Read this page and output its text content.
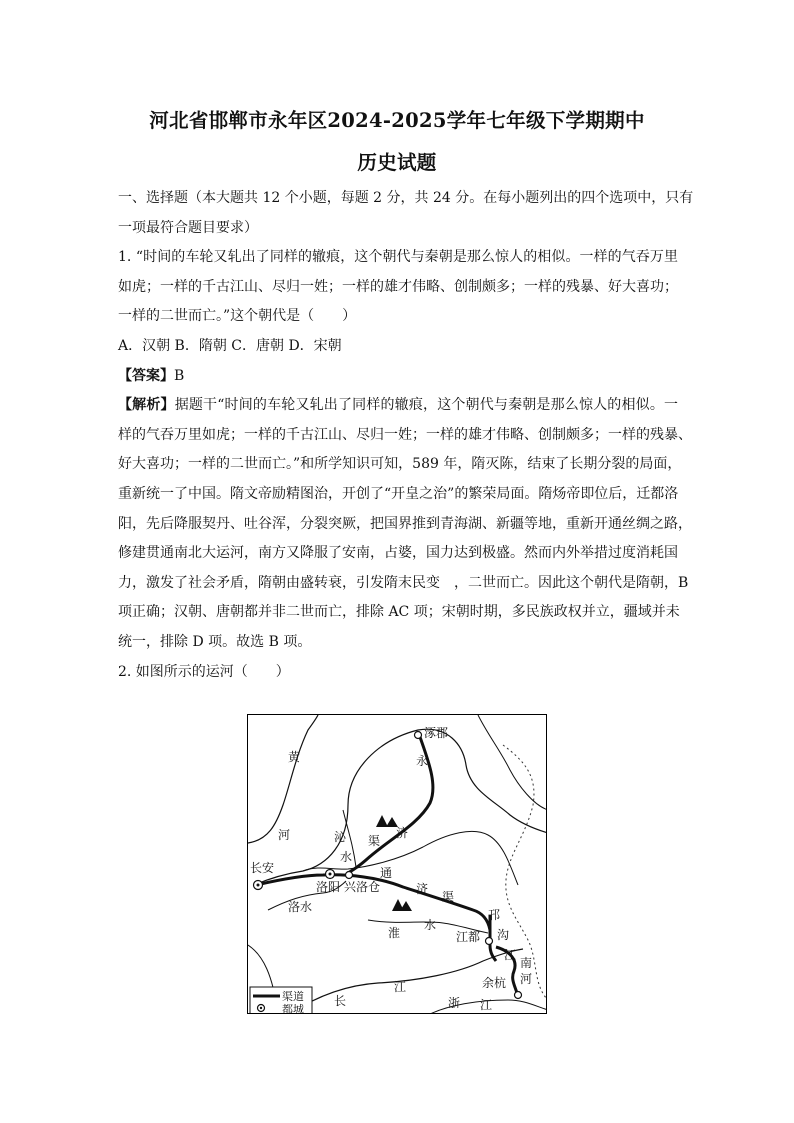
河北省邯郸市永年区2024-2025学年七年级下学期期中
历史试题
一、选择题（本大题共 12 个小题，每题 2 分，共 24 分。在每小题列出的四个选项中，只有
一项最符合题目要求）
1. “时间的车轮又轧出了同样的辙痕，这个朝代与秦朝是那么惊人的相似。一样的气吞万里
如虎；一样的千古江山、尽归一姓；一样的雄才伟略、创制颇多；一样的残暴、好大喜功；
一样的二世而亡。”这个朝代是（　　）
A．汉朝 B．隋朝 C．唐朝 D．宋朝
【答案】B
【解析】据题干“时间的车轮又轧出了同样的辙痕，这个朝代与秦朝是那么惊人的相似。一
样的气吞万里如虎；一样的千古江山、尽归一姓；一样的雄才伟略、创制颇多；一样的残暴、
好大喜功；一样的二世而亡。”和所学知识可知，589 年，隋灭陈，结束了长期分裂的局面，
重新统一了中国。隋文帝励精图治，开创了“开皇之治”的繁荣局面。隋炀帝即位后，迁都洛
阳，先后降服契丹、吐谷浑，分裂突厥，把国界推到青海湖、新疆等地，重新开通丝绸之路，
修建贯通南北大运河，南方又降服了安南，占婆，国力达到极盛。然而内外举措过度消耗国
力，激发了社会矛盾，隋朝由盛转衰，引发隋末民变　，二世而亡。因此这个朝代是隋朝，B
项正确；汉朝、唐朝都并非二世而亡，排除 AC 项；宋朝时期，多民族政权并立，疆域并未
统一，排除 D 项。故选 B 项。
2. 如图所示的运河（　　）
涿郡
永
济
渠
黄
河	沁
水
长安
洛阳 兴洛仓
通
济
渠
洛水
淮
水
邗
沟
江都
江
南
河
余杭
长
江
浙 江
渠道
都城
